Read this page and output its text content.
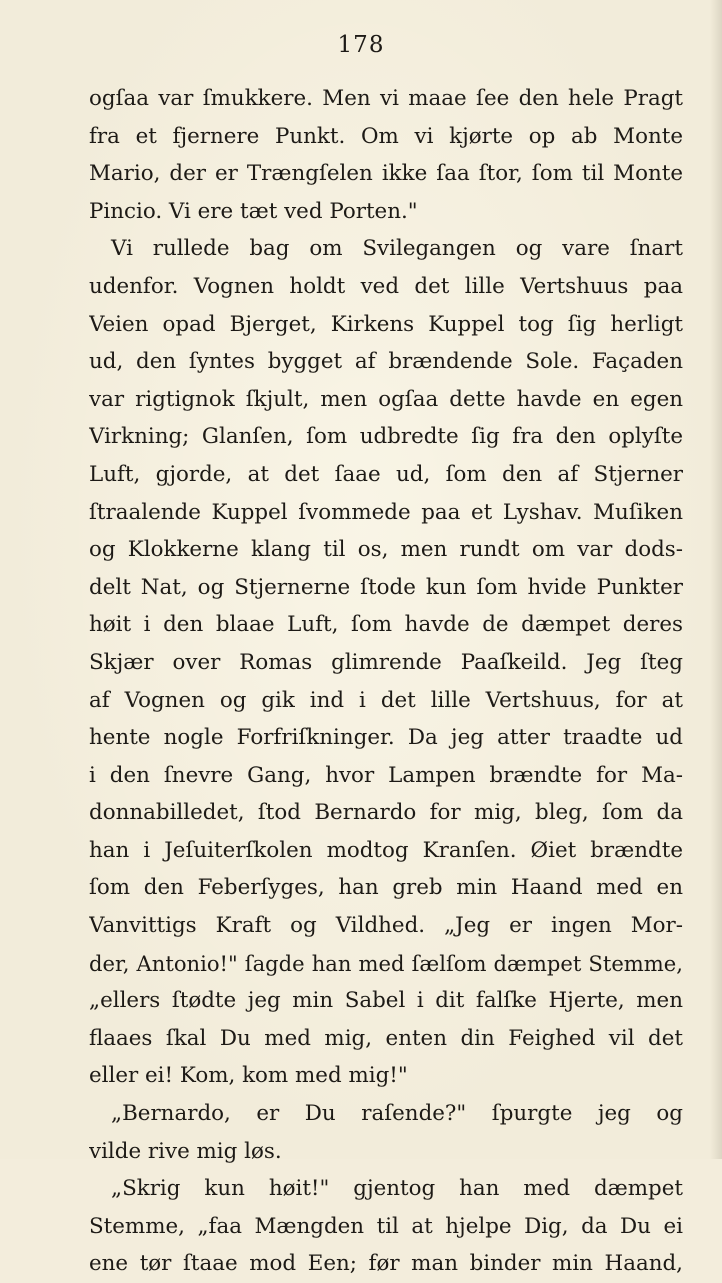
178
ogſaa var ſmukkere. Men vi maae ſee den hele Pragt
fra et fjernere Punkt. Om vi kjørte op ab Monte
Mario, der er Trængſelen ikke ſaa ſtor, ſom til Monte
Pincio. Vi ere tæt ved Porten."
Vi rullede bag om Svilegangen og vare ſnart
udenfor. Vognen holdt ved det lille Vertshuus paa
Veien opad Bjerget, Kirkens Kuppel tog ſig herligt
ud, den ſyntes bygget af brændende Sole. Façaden
var rigtignok ſkjult, men ogſaa dette havde en egen
Virkning; Glanſen, ſom udbredte ſig fra den oplyſte
Luft, gjorde, at det ſaae ud, ſom den af Stjerner
ſtraalende Kuppel ſvommede paa et Lyshav. Muſiken
og Klokkerne klang til os, men rundt om var dods-
delt Nat, og Stjernerne ſtode kun ſom hvide Punkter
høit i den blaae Luft, ſom havde de dæmpet deres
Skjær over Romas glimrende Paaſkeild. Jeg ſteg
af Vognen og gik ind i det lille Vertshuus, for at
hente nogle Forfriſkninger. Da jeg atter traadte ud
i den ſnevre Gang, hvor Lampen brændte for Ma-
donnabilledet, ſtod Bernardo for mig, bleg, ſom da
han i Jeſuiterſkolen modtog Kranſen. Øiet brændte
ſom den Feberſyges, han greb min Haand med en
Vanvittigs Kraft og Vildhed. „Jeg er ingen Mor-
der, Antonio!" ſagde han med ſælſom dæmpet Stemme,
„ellers ſtødte jeg min Sabel i dit falſke Hjerte, men
flaaes ſkal Du med mig, enten din Feighed vil det
eller ei! Kom, kom med mig!"
„Bernardo, er Du raſende?" ſpurgte jeg og
vilde rive mig løs.
„Skrig kun høit!" gjentog han med dæmpet
Stemme, „faa Mængden til at hjelpe Dig, da Du ei
ene tør ſtaae mod Een; før man binder min Haand,
